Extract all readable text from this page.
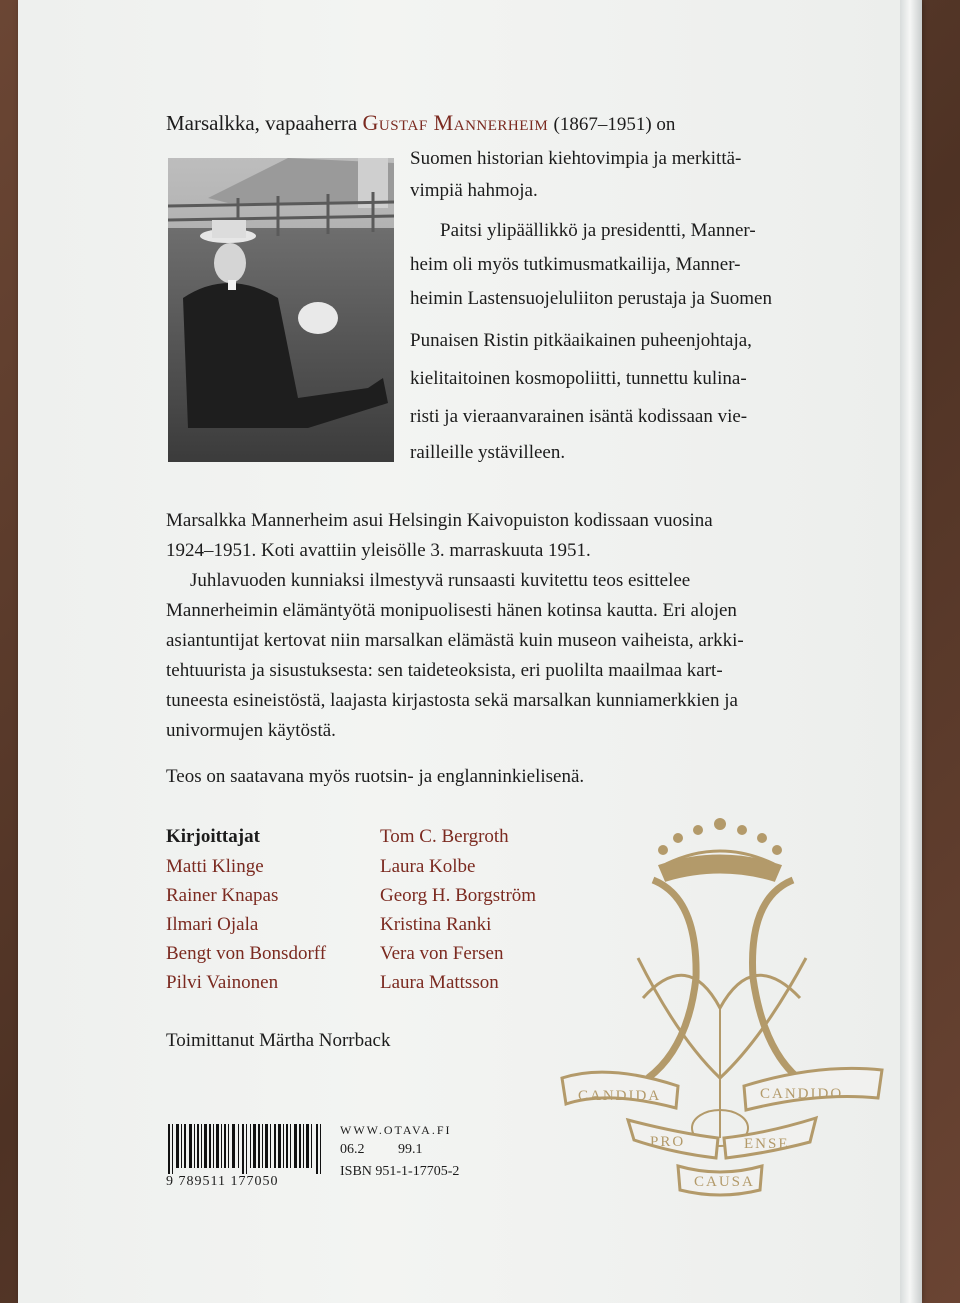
Marsalkka, vapaaherra Gustaf Mannerheim (1867–1951) on
Suomen historian kiehtovimpia ja merkittä-
vimpiä hahmoja.
Paitsi ylipäällikkö ja presidentti, Manner-
heim oli myös tutkimusmatkailija, Manner-
heimin Lastensuojeluliiton perustaja ja Suomen
Punaisen Ristin pitkäaikainen puheenjohtaja,
kielitaitoinen kosmopoliitti, tunnettu kulina-
risti ja vieraanvarainen isäntä kodissaan vie-
railleille ystävilleen.
Marsalkka Mannerheim asui Helsingin Kaivopuiston kodissaan vuosina
1924–1951. Koti avattiin yleisölle 3. marraskuuta 1951.
Juhlavuoden kunniaksi ilmestyvä runsaasti kuvitettu teos esittelee
Mannerheimin elämäntyötä monipuolisesti hänen kotinsa kautta. Eri alojen
asiantuntijat kertovat niin marsalkan elämästä kuin museon vaiheista, arkki-
tehtuurista ja sisustuksesta: sen taideteoksista, eri puolilta maailmaa kart-
tuneesta esineistöstä, laajasta kirjastosta sekä marsalkan kunniamerkkien ja
univormujen käytöstä.
Teos on saatavana myös ruotsin- ja englanninkielisenä.
Kirjoittajat
Matti Klinge
Rainer Knapas
Ilmari Ojala
Bengt von Bonsdorff
Pilvi Vainonen
Tom C. Bergroth
Laura Kolbe
Georg H. Borgström
Kristina Ranki
Vera von Fersen
Laura Mattsson
Toimittanut Märtha Norrback
9 789511 177050
WWW.OTAVA.FI
06.2 99.1
ISBN 951-1-17705-2
CANDIDA	CANDIDO
PRO	ENSE
CAUSA
